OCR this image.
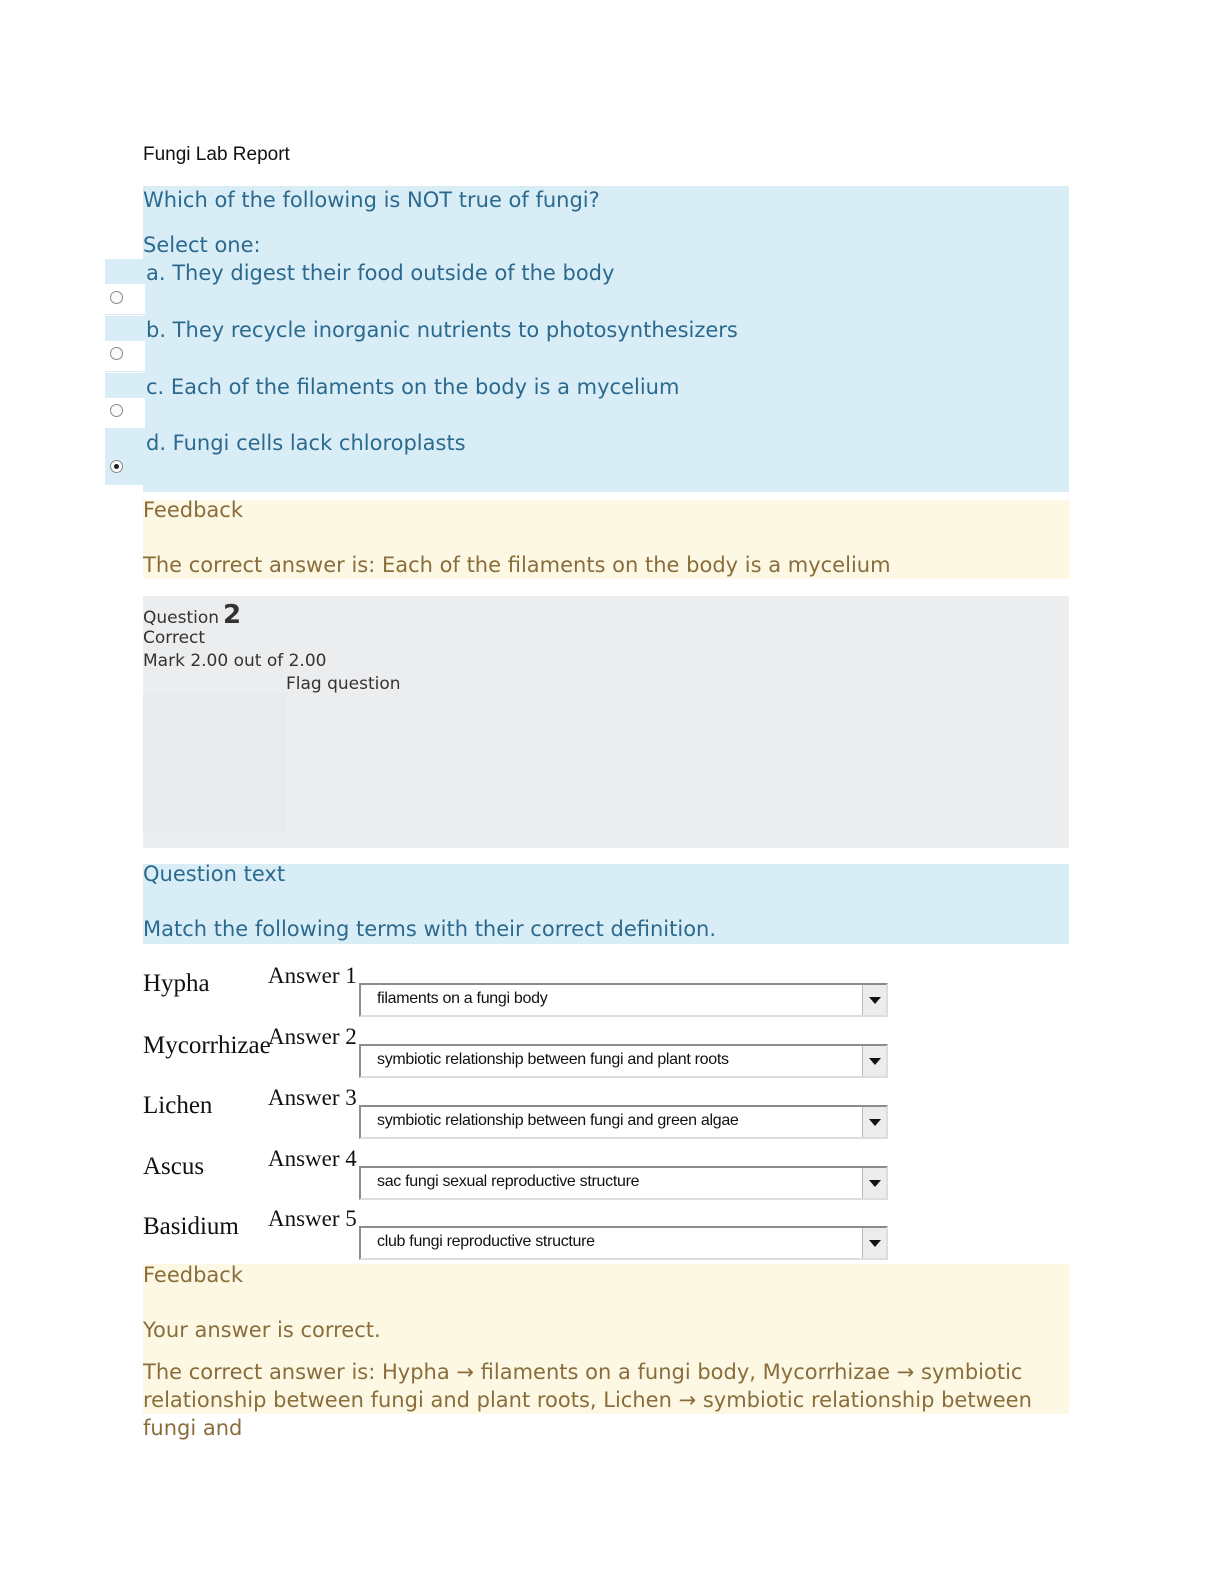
Fungi Lab Report
Which of the following is NOT true of fungi?
Select one:
a. They digest their food outside of the body
b. They recycle inorganic nutrients to photosynthesizers
c. Each of the filaments on the body is a mycelium
d. Fungi cells lack chloroplasts
Feedback
The correct answer is: Each of the filaments on the body is a mycelium
Question 2
Correct
Mark 2.00 out of 2.00
Flag question
Question text
Match the following terms with their correct definition.
Hypha	Answer 1
filaments on a fungi body
Mycorrhizae
Answer 2
symbiotic relationship between fungi and plant roots
Lichen Answer 3
symbiotic relationship between fungi and green algae
Ascus	Answer 4
sac fungi sexual reproductive structure
Basidium Answer 5
club fungi reproductive structure
Feedback
Your answer is correct.
The correct answer is: Hypha → filaments on a fungi body, Mycorrhizae → symbiotic relationship between fungi and plant roots, Lichen → symbiotic relationship between fungi and
